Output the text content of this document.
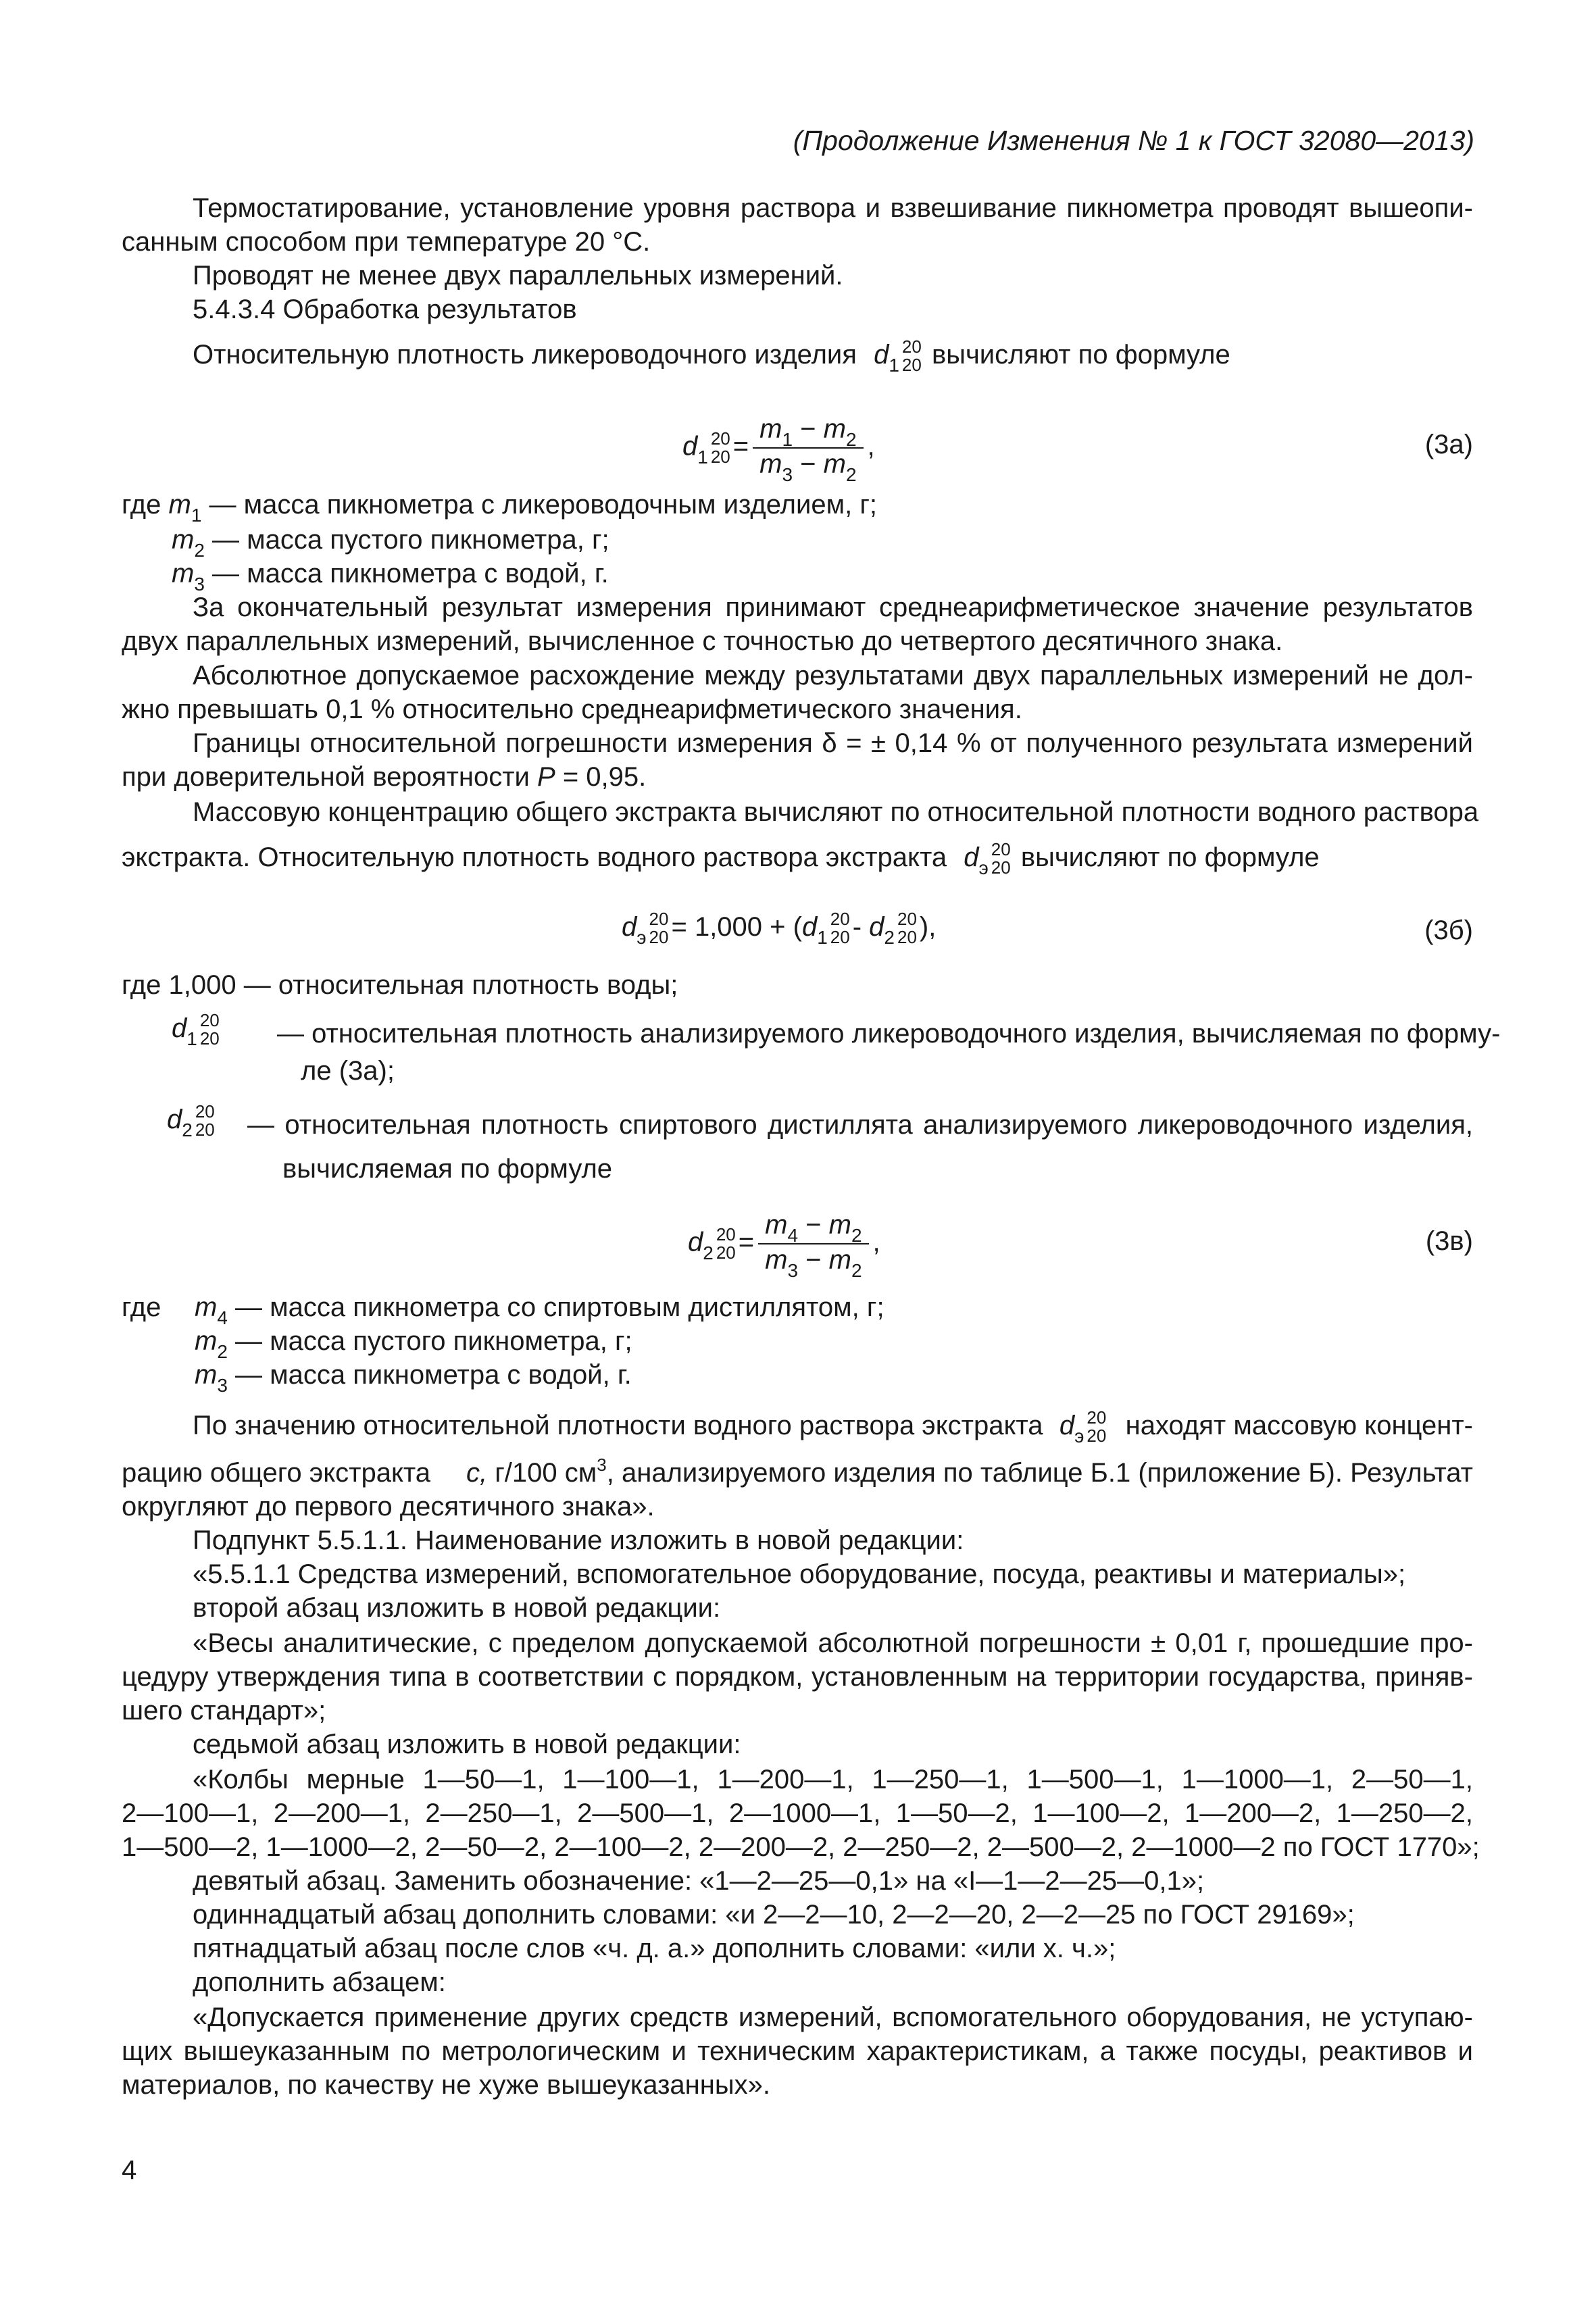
(Продолжение Изменения № 1 к ГОСТ 32080—2013)
Термостатирование, установление уровня раствора и взвешивание пикнометра проводят вышеопи-
санным способом при температуре 20 °С.
Проводят не менее двух параллельных измерений.
5.4.3.4 Обработка результатов
Относительную плотность ликероводочного изделия $d_1$
20
20 вычисляют по формуле
$d_1$
20
$20 = \frac{m_1 - m_2}{m_3 - m_2}$ ,	(3а)
где $m_1$ — масса пикнометра с ликероводочным изделием, г;
$m_2$ — масса пустого пикнометра, г;
$m_3$ — масса пикнометра с водой, г.
За окончательный результат измерения принимают среднеарифметическое значение результатов
двух параллельных измерений, вычисленное с точностью до четвертого десятичного знака.
Абсолютное допускаемое расхождение между результатами двух параллельных измерений не дол-
жно превышать 0,1 % относительно среднеарифметического значения.
Границы относительной погрешности измерения δ = ± 0,14 % от полученного результата измерений
при доверительной вероятности P = 0,95.
Массовую концентрацию общего экстракта вычисляют по относительной плотности водного раствора
экстракта. Относительную плотность водного раствора экстракта $d_э$
20
20 вычисляют по формуле
$d_э$
20
$20 = 1,000 + (d_1$
20
$20 - d_2$
20
20 ),	(3б)
где 1,000 — относительная плотность воды;
$d_1$
20
20 — относительная плотность анализируемого ликероводочного изделия, вычисляемая по форму-
ле (3а);
$d_2$
20
20 — относительная плотность спиртового дистиллята анализируемого ликероводочного изделия,
вычисляемая по формуле
$d_2$
20
$20 = \frac{m_4 - m_2}{m_3 - m_2}$ ,	(3в)
где $m_4$ — масса пикнометра со спиртовым дистиллятом, г;
$m_2$ — масса пустого пикнометра, г;
$m_3$ — масса пикнометра с водой, г.
По значению относительной плотности водного раствора экстракта $d_э$
20
20 находят массовую концент-
рацию общего экстракта с, г/100 $см^3$, анализируемого изделия по таблице Б.1 (приложение Б). Результат
округляют до первого десятичного знака».
Подпункт 5.5.1.1. Наименование изложить в новой редакции:
«5.5.1.1 Средства измерений, вспомогательное оборудование, посуда, реактивы и материалы»;
второй абзац изложить в новой редакции:
«Весы аналитические, с пределом допускаемой абсолютной погрешности ± 0,01 г, прошедшие про-
цедуру утверждения типа в соответствии с порядком, установленным на территории государства, приняв-
шего стандарт»;
седьмой абзац изложить в новой редакции:
«Колбы мерные 1—50—1, 1—100—1, 1—200—1, 1—250—1, 1—500—1, 1—1000—1, 2—50—1,
2—100—1, 2—200—1, 2—250—1, 2—500—1, 2—1000—1, 1—50—2, 1—100—2, 1—200—2, 1—250—2,
1—500—2, 1—1000—2, 2—50—2, 2—100—2, 2—200—2, 2—250—2, 2—500—2, 2—1000—2 по ГОСТ 1770»;
девятый абзац. Заменить обозначение: «1—2—25—0,1» на «I—1—2—25—0,1»;
одиннадцатый абзац дополнить словами: «и 2—2—10, 2—2—20, 2—2—25 по ГОСТ 29169»;
пятнадцатый абзац после слов «ч. д. а.» дополнить словами: «или х. ч.»;
дополнить абзацем:
«Допускается применение других средств измерений, вспомогательного оборудования, не уступаю-
щих вышеуказанным по метрологическим и техническим характеристикам, а также посуды, реактивов и
материалов, по качеству не хуже вышеуказанных».
4
